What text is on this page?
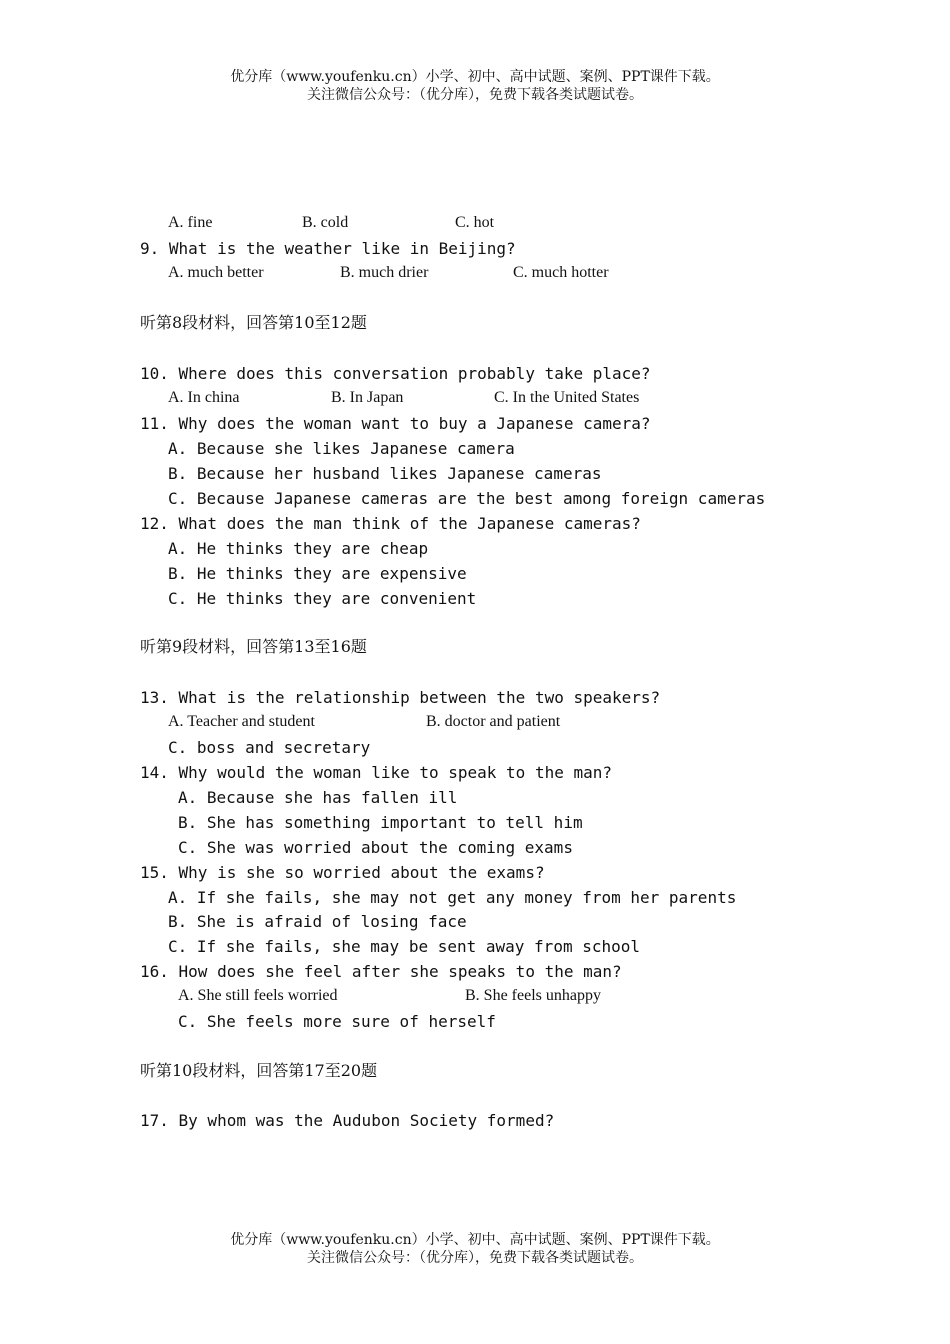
优分库（www.youfenku.cn）小学、初中、高中试题、案例、PPT课件下载。
关注微信公众号：（优分库），免费下载各类试题试卷。
A. fine	B. cold	C. hot
9. What is the weather like in Beijing?
A. much better	B. much drier	C. much hotter
听第8段材料，回答第10至12题
10. Where does this conversation probably take place?
A. In china	B. In Japan	C. In the United States
11. Why does the woman want to buy a Japanese camera?
A. Because she likes Japanese camera
B. Because her husband likes Japanese cameras
C. Because Japanese cameras are the best among foreign cameras
12. What does the man think of the Japanese cameras?
A. He thinks they are cheap
B. He thinks they are expensive
C. He thinks they are convenient
听第9段材料，回答第13至16题
13. What is the relationship between the two speakers?
A. Teacher and student	B. doctor and patient
C. boss and secretary
14. Why would the woman like to speak to the man?
A. Because she has fallen ill
B. She has something important to tell him
C. She was worried about the coming exams
15. Why is she so worried about the exams?
A. If she fails, she may not get any money from her parents
B. She is afraid of losing face
C. If she fails, she may be sent away from school
16. How does she feel after she speaks to the man?
A. She still feels worried	B. She feels unhappy
C. She feels more sure of herself
听第10段材料，回答第17至20题
17. By whom was the Audubon Society formed?
优分库（www.youfenku.cn）小学、初中、高中试题、案例、PPT课件下载。
关注微信公众号：（优分库），免费下载各类试题试卷。
